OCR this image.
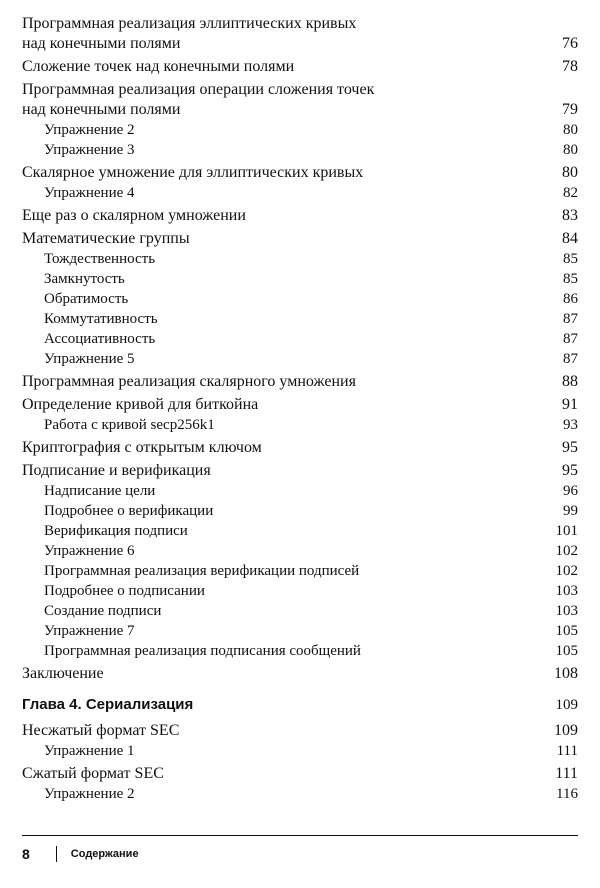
Программная реализация эллиптических кривых
над конечными полями	76
Сложение точек над конечными полями	78
Программная реализация операции сложения точек
над конечными полями	79
Упражнение 2	80
Упражнение 3	80
Скалярное умножение для эллиптических кривых	80
Упражнение 4	82
Еще раз о скалярном умножении	83
Математические группы	84
Тождественность	85
Замкнутость	85
Обратимость	86
Коммутативность	87
Ассоциативность	87
Упражнение 5	87
Программная реализация скалярного умножения	88
Определение кривой для биткойна	91
Работа с кривой secp256k1	93
Криптография с открытым ключом	95
Подписание и верификация	95
Надписание цели	96
Подробнее о верификации	99
Верификация подписи	101
Упражнение 6	102
Программная реализация верификации подписей	102
Подробнее о подписании	103
Создание подписи	103
Упражнение 7	105
Программная реализация подписания сообщений	105
Заключение	108
Глава 4. Сериализация	109
Несжатый формат SEC	109
Упражнение 1	111
Сжатый формат SEC	111
Упражнение 2	116
8	Содержание
